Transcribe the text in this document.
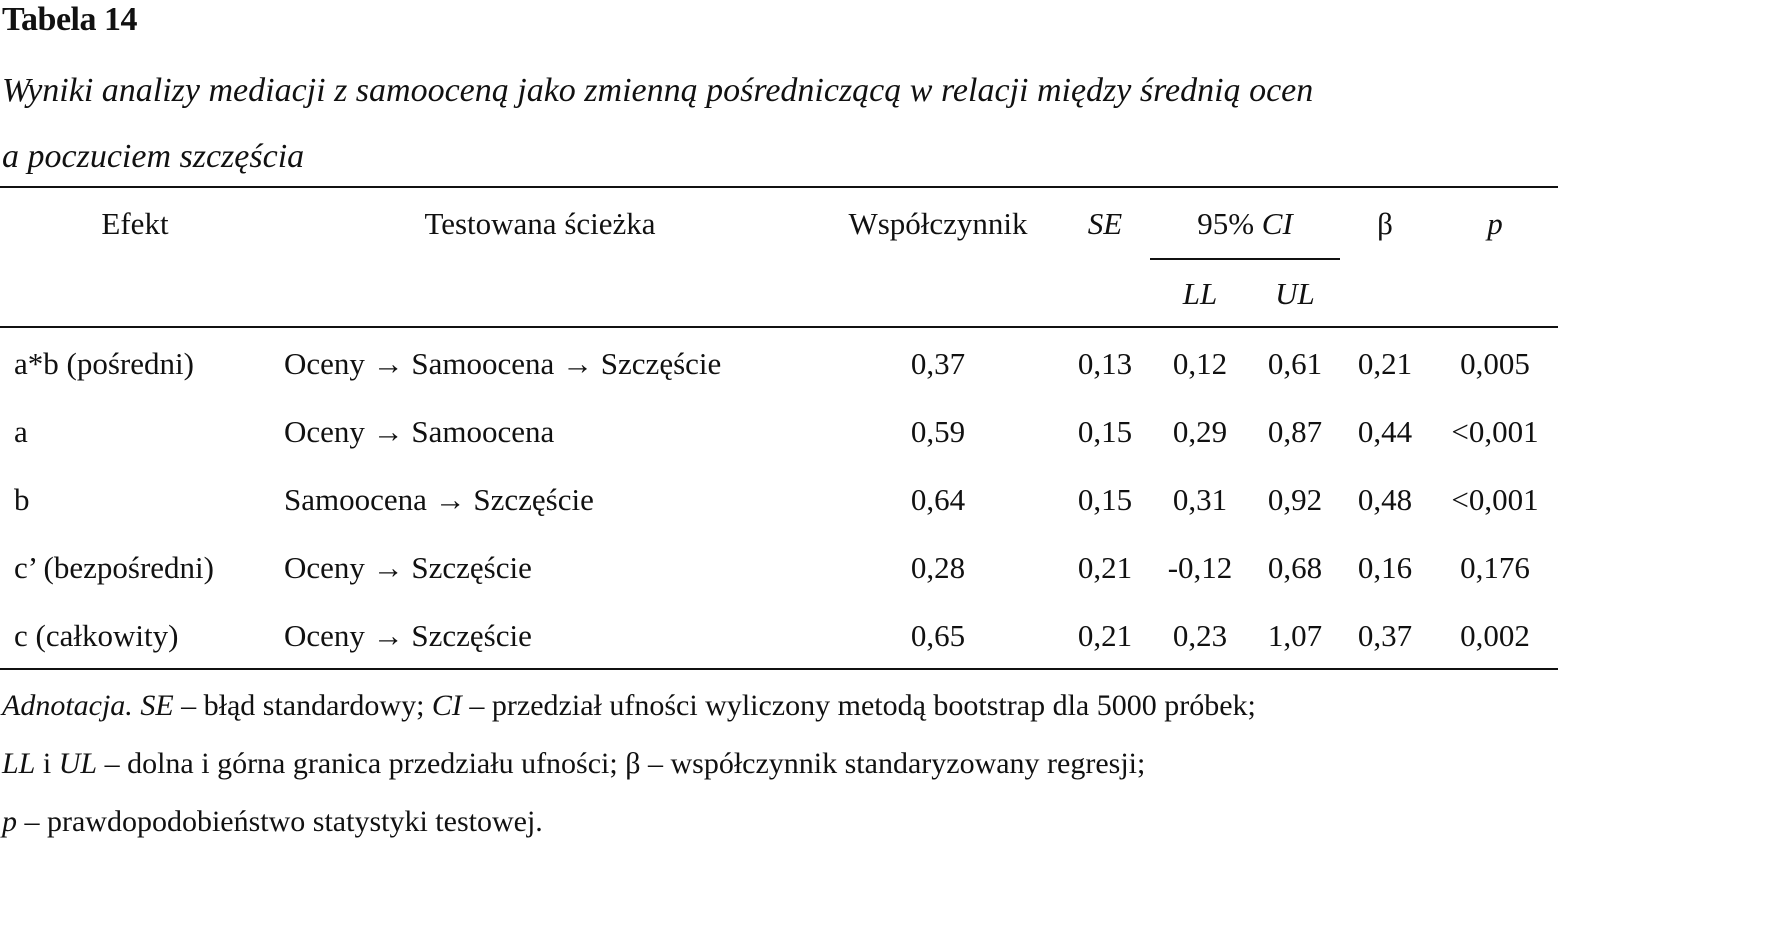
Tabela 14
Wyniki analizy mediacji z samooceną jako zmienną pośredniczącą w relacji między średnią ocen
a poczuciem szczęścia
Efekt	Testowana ścieżka	Współczynnik	SE	95% CI	β	p
LL	UL
a*b (pośredni)	Oceny → Samoocena → Szczęście	0,37	0,13	0,12	0,61	0,21	0,005
a	Oceny → Samoocena	0,59	0,15	0,29	0,87	0,44	<0,001
b	Samoocena → Szczęście	0,64	0,15	0,31	0,92	0,48	<0,001
c’ (bezpośredni) Oceny → Szczęście	0,28	0,21	-0,12	0,68	0,16	0,176
c (całkowity)	Oceny → Szczęście	0,65	0,21	0,23	1,07	0,37	0,002
Adnotacja. SE – błąd standardowy; CI – przedział ufności wyliczony metodą bootstrap dla 5000 próbek;
LL i UL – dolna i górna granica przedziału ufności; β – współczynnik standaryzowany regresji;
p – prawdopodobieństwo statystyki testowej.
